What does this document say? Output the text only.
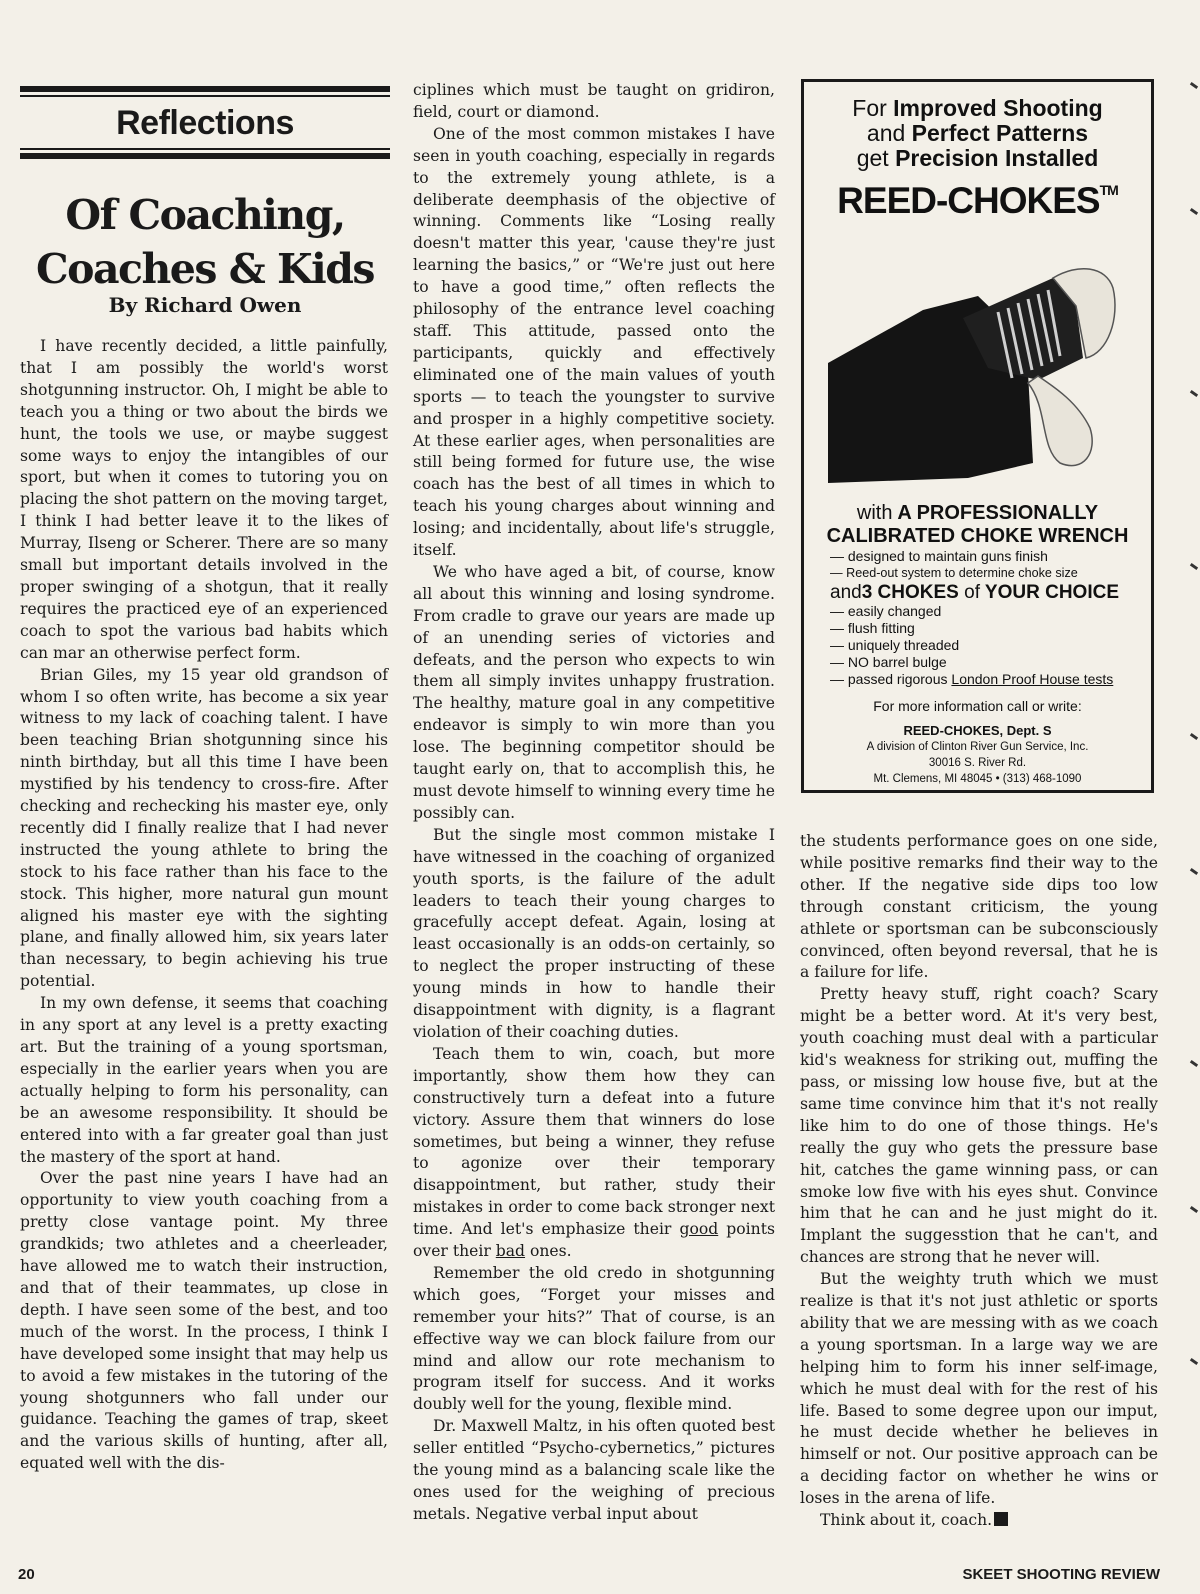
Reflections
Of Coaching,
Coaches & Kids
By Richard Owen

I have recently decided, a little painfully, that I am possibly the world's worst shotgunning instructor. Oh, I might be able to teach you a thing or two about the birds we hunt, the tools we use, or maybe suggest some ways to enjoy the intangibles of our sport, but when it comes to tutoring you on placing the shot pattern on the moving target, I think I had better leave it to the likes of Murray, Ilseng or Scherer. There are so many small but important details involved in the proper swinging of a shotgun, that it really requires the practiced eye of an experienced coach to spot the various bad habits which can mar an otherwise perfect form.

Brian Giles, my 15 year old grandson of whom I so often write, has become a six year witness to my lack of coaching talent. I have been teaching Brian shotgunning since his ninth birthday, but all this time I have been mystified by his tendency to cross-fire. After checking and rechecking his master eye, only recently did I finally realize that I had never instructed the young athlete to bring the stock to his face rather than his face to the stock. This higher, more natural gun mount aligned his master eye with the sighting plane, and finally allowed him, six years later than necessary, to begin achieving his true potential.

In my own defense, it seems that coaching in any sport at any level is a pretty exacting art. But the training of a young sportsman, especially in the earlier years when you are actually helping to form his personality, can be an awesome responsibility. It should be entered into with a far greater goal than just the mastery of the sport at hand.

Over the past nine years I have had an opportunity to view youth coaching from a pretty close vantage point. My three grandkids; two athletes and a cheerleader, have allowed me to watch their instruction, and that of their teammates, up close in depth. I have seen some of the best, and too much of the worst. In the process, I think I have developed some insight that may help us to avoid a few mistakes in the tutoring of the young shotgunners who fall under our guidance. Teaching the games of trap, skeet and the various skills of hunting, after all, equated well with the dis-

ciplines which must be taught on gridiron, field, court or diamond.

One of the most common mistakes I have seen in youth coaching, especially in regards to the extremely young athlete, is a deliberate deemphasis of the objective of winning. Comments like “Losing really doesn't matter this year, 'cause they're just learning the basics,” or “We're just out here to have a good time,” often reflects the philosophy of the entrance level coaching staff. This attitude, passed onto the participants, quickly and effectively eliminated one of the main values of youth sports — to teach the youngster to survive and prosper in a highly competitive society. At these earlier ages, when personalities are still being formed for future use, the wise coach has the best of all times in which to teach his young charges about winning and losing; and incidentally, about life's struggle, itself.

We who have aged a bit, of course, know all about this winning and losing syndrome. From cradle to grave our years are made up of an unending series of victories and defeats, and the person who expects to win them all simply invites unhappy frustration. The healthy, mature goal in any competitive endeavor is simply to win more than you lose. The beginning competitor should be taught early on, that to accomplish this, he must devote himself to winning every time he possibly can.

But the single most common mistake I have witnessed in the coaching of organized youth sports, is the failure of the adult leaders to teach their young charges to gracefully accept defeat. Again, losing at least occasionally is an odds-on certainly, so to neglect the proper instructing of these young minds in how to handle their disappointment with dignity, is a flagrant violation of their coaching duties.

Teach them to win, coach, but more importantly, show them how they can constructively turn a defeat into a future victory. Assure them that winners do lose sometimes, but being a winner, they refuse to agonize over their temporary disappointment, but rather, study their mistakes in order to come back stronger next time. And let's emphasize their good points over their bad ones.

Remember the old credo in shotgunning which goes, “Forget your misses and remember your hits?” That of course, is an effective way we can block failure from our mind and allow our rote mechanism to program itself for success. And it works doubly well for the young, flexible mind.

Dr. Maxwell Maltz, in his often quoted best seller entitled “Psycho-cybernetics,” pictures the young mind as a balancing scale like the ones used for the weighing of precious metals. Negative verbal input about

For Improved Shooting
and Perfect Patterns
get Precision Installed
REED-CHOKES™
with A PROFESSIONALLY
CALIBRATED CHOKE WRENCH
— designed to maintain guns finish
— Reed-out system to determine choke size
and3 CHOKES of YOUR CHOICE
— easily changed
— flush fitting
— uniquely threaded
— NO barrel bulge
— passed rigorous London Proof House tests
For more information call or write:
REED-CHOKES, Dept. S
A division of Clinton River Gun Service, Inc.
30016 S. River Rd.
Mt. Clemens, MI 48045 • (313) 468-1090

the students performance goes on one side, while positive remarks find their way to the other. If the negative side dips too low through constant criticism, the young athlete or sportsman can be subconsciously convinced, often beyond reversal, that he is a failure for life.

Pretty heavy stuff, right coach? Scary might be a better word. At it's very best, youth coaching must deal with a particular kid's weakness for striking out, muffing the pass, or missing low house five, but at the same time convince him that it's not really like him to do one of those things. He's really the guy who gets the pressure base hit, catches the game winning pass, or can smoke low five with his eyes shut. Convince him that he can and he just might do it. Implant the suggesstion that he can't, and chances are strong that he never will.

But the weighty truth which we must realize is that it's not just athletic or sports ability that we are messing with as we coach a young sportsman. In a large way we are helping him to form his inner self-image, which he must deal with for the rest of his life. Based to some degree upon our imput, he must decide whether he believes in himself or not. Our positive approach can be a deciding factor on whether he wins or loses in the arena of life.

Think about it, coach.

20	SKEET SHOOTING REVIEW
